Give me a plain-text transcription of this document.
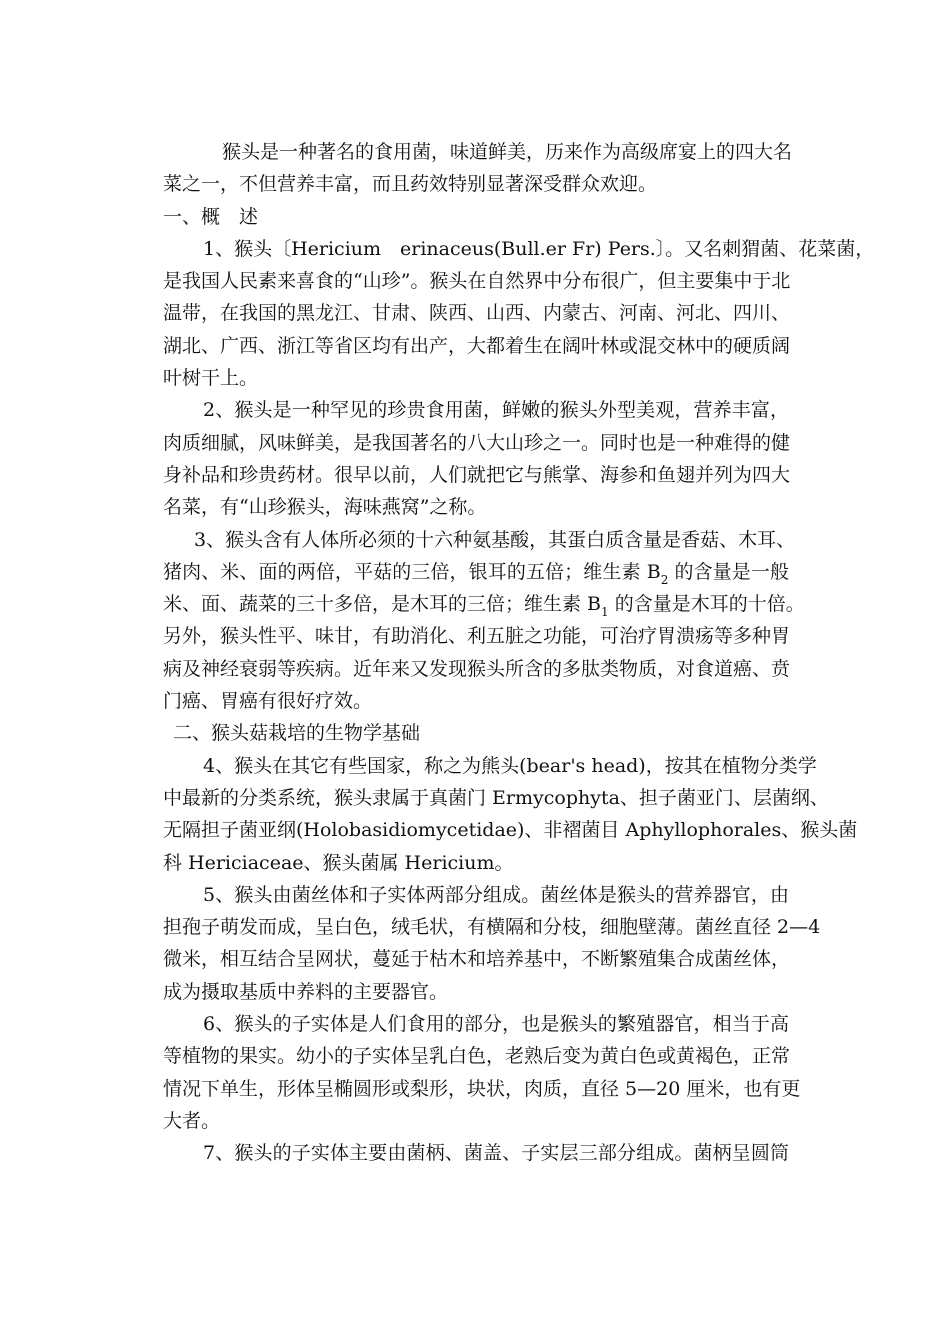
猴头是一种著名的食用菌，味道鲜美，历来作为高级席宴上的四大名
菜之一，不但营养丰富，而且药效特别显著深受群众欢迎。
一、概　述
1、猴头〔Hericium　erinaceus(Bull.er Fr) Pers.〕。又名刺猬菌、花菜菌，
是我国人民素来喜食的“山珍”。猴头在自然界中分布很广，但主要集中于北
温带，在我国的黑龙江、甘肃、陕西、山西、内蒙古、河南、河北、四川、
湖北、广西、浙江等省区均有出产，大都着生在阔叶林或混交林中的硬质阔
叶树干上。
2、猴头是一种罕见的珍贵食用菌，鲜嫩的猴头外型美观，营养丰富，
肉质细腻，风味鲜美，是我国著名的八大山珍之一。同时也是一种难得的健
身补品和珍贵药材。很早以前，人们就把它与熊掌、海参和鱼翅并列为四大
名菜，有“山珍猴头，海味燕窝”之称。
3、猴头含有人体所必须的十六种氨基酸，其蛋白质含量是香菇、木耳、
猪肉、米、面的两倍，平菇的三倍，银耳的五倍；维生素 $B_2$ 的含量是一般
米、面、蔬菜的三十多倍，是木耳的三倍；维生素 $B_1$ 的含量是木耳的十倍。
另外，猴头性平、味甘，有助消化、利五脏之功能，可治疗胃溃疡等多种胃
病及神经衰弱等疾病。近年来又发现猴头所含的多肽类物质，对食道癌、贲
门癌、胃癌有很好疗效。
二、猴头菇栽培的生物学基础
4、猴头在其它有些国家，称之为熊头(bear's head)，按其在植物分类学
中最新的分类系统，猴头隶属于真菌门 Ermycophyta、担子菌亚门、层菌纲、
无隔担子菌亚纲(Holobasidiomycetidae)、非褶菌目 Aphyllophorales、猴头菌
科 Hericiaceae、猴头菌属 Hericium。
5、猴头由菌丝体和子实体两部分组成。菌丝体是猴头的营养器官，由
担孢子萌发而成，呈白色，绒毛状，有横隔和分枝，细胞壁薄。菌丝直径 2—4
微米，相互结合呈网状，蔓延于枯木和培养基中，不断繁殖集合成菌丝体，
成为摄取基质中养料的主要器官。
6、猴头的子实体是人们食用的部分，也是猴头的繁殖器官，相当于高
等植物的果实。幼小的子实体呈乳白色，老熟后变为黄白色或黄褐色，正常
情况下单生，形体呈椭圆形或梨形，块状，肉质，直径 5—20 厘米，也有更
大者。
7、猴头的子实体主要由菌柄、菌盖、子实层三部分组成。菌柄呈圆筒
